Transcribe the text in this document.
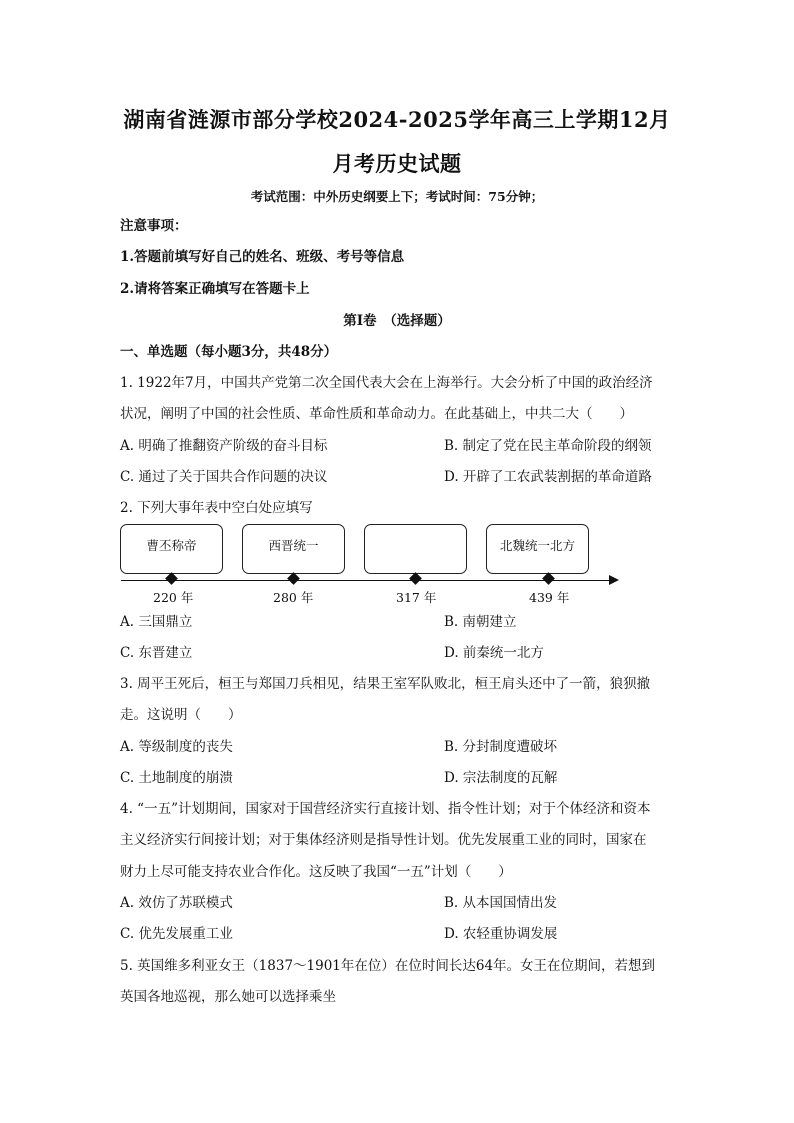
湖南省涟源市部分学校2024-2025学年高三上学期12月
月考历史试题
考试范围：中外历史纲要上下；考试时间：75分钟；
注意事项：
1.答题前填写好自己的姓名、班级、考号等信息
2.请将答案正确填写在答题卡上
第Ⅰ卷　（选择题）
一、单选题（每小题3分，共48分）
1. 1922年7月，中国共产党第二次全国代表大会在上海举行。大会分析了中国的政治经济
状况，阐明了中国的社会性质、革命性质和革命动力。在此基础上，中共二大（　　）
A. 明确了推翻资产阶级的奋斗目标	B. 制定了党在民主革命阶段的纲领
C. 通过了关于国共合作问题的决议	D. 开辟了工农武装割据的革命道路
2. 下列大事年表中空白处应填写
曹丕称帝	西晋统一	北魏统一北方
220 年	280 年	317 年	439 年
A. 三国鼎立	B. 南朝建立
C. 东晋建立	D. 前秦统一北方
3. 周平王死后，桓王与郑国刀兵相见，结果王室军队败北，桓王肩头还中了一箭，狼狈撤
走。这说明（　　）
A. 等级制度的丧失	B. 分封制度遭破坏
C. 土地制度的崩溃	D. 宗法制度的瓦解
4. “一五”计划期间，国家对于国营经济实行直接计划、指令性计划；对于个体经济和资本
主义经济实行间接计划；对于集体经济则是指导性计划。优先发展重工业的同时，国家在
财力上尽可能支持农业合作化。这反映了我国“一五”计划（　　）
A. 效仿了苏联模式	B. 从本国国情出发
C. 优先发展重工业	D. 农轻重协调发展
5. 英国维多利亚女王（1837～1901年在位）在位时间长达64年。女王在位期间，若想到
英国各地巡视，那么她可以选择乘坐
